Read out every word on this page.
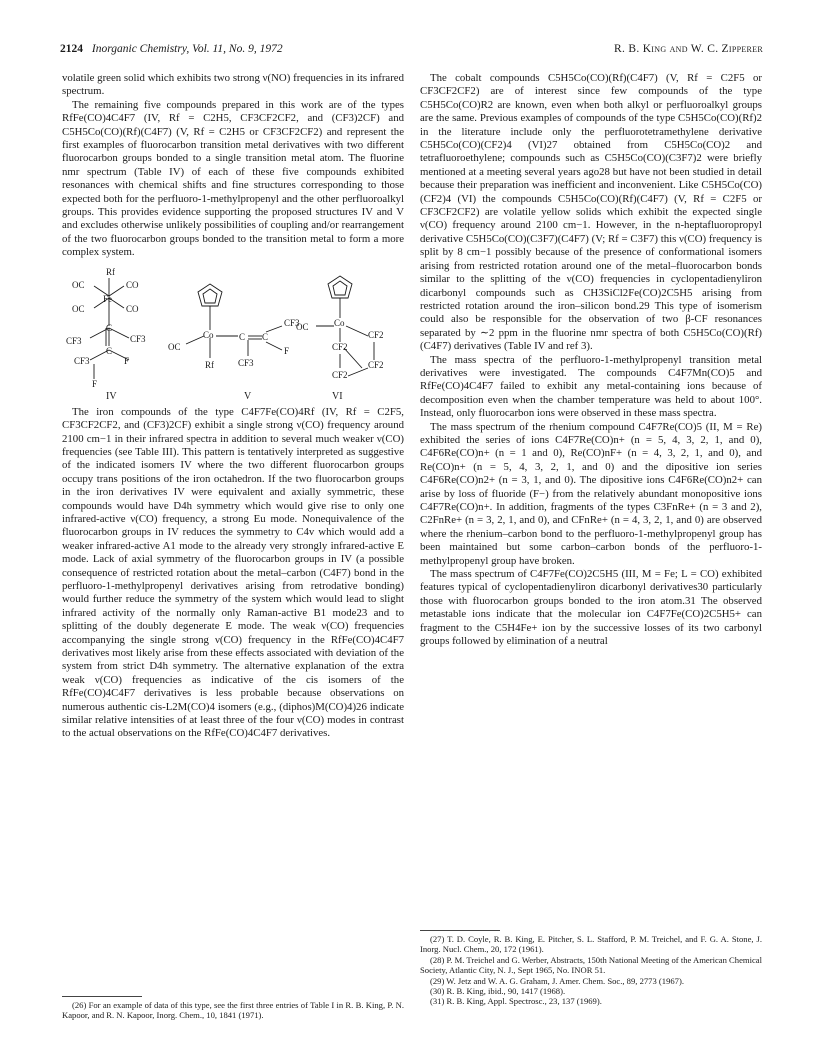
2124 Inorganic Chemistry, Vol. 11, No. 9, 1972	R. B. King and W. C. Zipperer

volatile green solid which exhibits two strong ν(NO) frequencies in its infrared spectrum.

The remaining five compounds prepared in this work are of the types RfFe(CO)4C4F7 (IV, Rf = C2H5, CF3CF2CF2, and (CF3)2CF) and C5H5Co(CO)(Rf)(C4F7) (V, Rf = C2H5 or CF3CF2CF2) and represent the first examples of fluorocarbon transition metal derivatives with two different fluorocarbon groups bonded to a single transition metal atom. The fluorine nmr spectrum (Table IV) of each of these five compounds exhibited resonances with chemical shifts and fine structures corresponding to those expected both for the perfluoro-1-methylpropenyl and the other perfluoroalkyl groups. This provides evidence supporting the proposed structures IV and V and excludes otherwise unlikely possibilities of coupling and/or rearrangement of the two fluorocarbon groups bonded to the transition metal to form a more complex system.

Rf
OC	CO
Fe
OC	CO
C
CF3	CF3
C
CF3	F
F
IV
Co
OC
Rf
C C
CF3
F
CF3
V
Co
OC
CF2
CF2
CF2
CF2
VI

The iron compounds of the type C4F7Fe(CO)4Rf (IV, Rf = C2F5, CF3CF2CF2, and (CF3)2CF) exhibit a single strong ν(CO) frequency around 2100 cm−1 in their infrared spectra in addition to several much weaker ν(CO) frequencies (see Table III). This pattern is tentatively interpreted as suggestive of the indicated isomers IV where the two different fluorocarbon groups occupy trans positions of the iron octahedron. If the two fluorocarbon groups in the iron derivatives IV were equivalent and axially symmetric, these compounds would have D4h symmetry which would give rise to only one infrared-active ν(CO) frequency, a strong Eu mode. Nonequivalence of the fluorocarbon groups in IV reduces the symmetry to C4v which would add a weaker infrared-active A1 mode to the already very strongly infrared-active E mode. Lack of axial symmetry of the fluorocarbon groups in IV (a possible consequence of restricted rotation about the metal–carbon (C4F7) bond in the perfluoro-1-methylpropenyl derivatives arising from retrodative bonding) would further reduce the symmetry of the system which would lead to slight infrared activity of the normally only Raman-active B1 mode23 and to splitting of the doubly degenerate E mode. The weak ν(CO) frequencies accompanying the single strong ν(CO) frequency in the RfFe(CO)4C4F7 derivatives most likely arise from these effects associated with deviation of the system from strict D4h symmetry. The alternative explanation of the extra weak ν(CO) frequencies as indicative of the cis isomers of the RfFe(CO)4C4F7 derivatives is less probable because observations on numerous authentic cis-L2M(CO)4 isomers (e.g., (diphos)M(CO)4)26 indicate similar relative intensities of at least three of the four ν(CO) modes in contrast to the actual observations on the RfFe(CO)4C4F7 derivatives.

(26) For an example of data of this type, see the first three entries of Table I in R. B. King, P. N. Kapoor, and R. N. Kapoor, Inorg. Chem., 10, 1841 (1971).

The cobalt compounds C5H5Co(CO)(Rf)(C4F7) (V, Rf = C2F5 or CF3CF2CF2) are of interest since few compounds of the type C5H5Co(CO)R2 are known, even when both alkyl or perfluoroalkyl groups are the same. Previous examples of compounds of the type C5H5Co(CO)(Rf)2 in the literature include only the perfluorotetramethylene derivative C5H5Co(CO)(CF2)4 (VI)27 obtained from C5H5Co(CO)2 and tetrafluoroethylene; compounds such as C5H5Co(CO)(C3F7)2 were briefly mentioned at a meeting several years ago28 but have not been studied in detail because their preparation was inefficient and inconvenient. Like C5H5Co(CO)(CF2)4 (VI) the compounds C5H5Co(CO)(Rf)(C4F7) (V, Rf = C2F5 or CF3CF2CF2) are volatile yellow solids which exhibit the expected single ν(CO) frequency around 2100 cm−1. However, in the n-heptafluoropropyl derivative C5H5Co(CO)(C3F7)(C4F7) (V; Rf = C3F7) this ν(CO) frequency is split by 8 cm−1 possibly because of the presence of conformational isomers arising from restricted rotation around one of the metal–fluorocarbon bonds similar to the splitting of the ν(CO) frequencies in cyclopentadienyliron dicarbonyl compounds such as CH3SiCl2Fe(CO)2C5H5 arising from restricted rotation around the iron–silicon bond.29 This type of isomerism could also be responsible for the observation of two β-CF resonances separated by ∼2 ppm in the fluorine nmr spectra of both C5H5Co(CO)(Rf)(C4F7) derivatives (Table IV and ref 3).

The mass spectra of the perfluoro-1-methylpropenyl transition metal derivatives were investigated. The compounds C4F7Mn(CO)5 and RfFe(CO)4C4F7 failed to exhibit any metal-containing ions because of decomposition even when the chamber temperature was held to about 100°. Instead, only fluorocarbon ions were observed in these mass spectra.

The mass spectrum of the rhenium compound C4F7Re(CO)5 (II, M = Re) exhibited the series of ions C4F7Re(CO)n+ (n = 5, 4, 3, 2, 1, and 0), C4F6Re(CO)n+ (n = 1 and 0), Re(CO)nF+ (n = 4, 3, 2, 1, and 0), and Re(CO)n+ (n = 5, 4, 3, 2, 1, and 0) and the dipositive ion series C4F6Re(CO)n2+ (n = 3, 1, and 0). The dipositive ions C4F6Re(CO)n2+ can arise by loss of fluoride (F−) from the relatively abundant monopositive ions C4F7Re(CO)n+. In addition, fragments of the types C3FnRe+ (n = 3 and 2), C2FnRe+ (n = 3, 2, 1, and 0), and CFnRe+ (n = 4, 3, 2, 1, and 0) are observed where the rhenium–carbon bond to the perfluoro-1-methylpropenyl group has been maintained but some carbon–carbon bonds of the perfluoro-1-methylpropenyl group have broken.

The mass spectrum of C4F7Fe(CO)2C5H5 (III, M = Fe; L = CO) exhibited features typical of cyclopentadienyliron dicarbonyl derivatives30 particularly those with fluorocarbon groups bonded to the iron atom.31 The observed metastable ions indicate that the molecular ion C4F7Fe(CO)2C5H5+ can fragment to the C5H4Fe+ ion by the successive losses of its two carbonyl groups followed by elimination of a neutral

(27) T. D. Coyle, R. B. King, E. Pitcher, S. L. Stafford, P. M. Treichel, and F. G. A. Stone, J. Inorg. Nucl. Chem., 20, 172 (1961).

(28) P. M. Treichel and G. Werber, Abstracts, 150th National Meeting of the American Chemical Society, Atlantic City, N. J., Sept 1965, No. INOR 51.

(29) W. Jetz and W. A. G. Graham, J. Amer. Chem. Soc., 89, 2773 (1967).

(30) R. B. King, ibid., 90, 1417 (1968).

(31) R. B. King, Appl. Spectrosc., 23, 137 (1969).
